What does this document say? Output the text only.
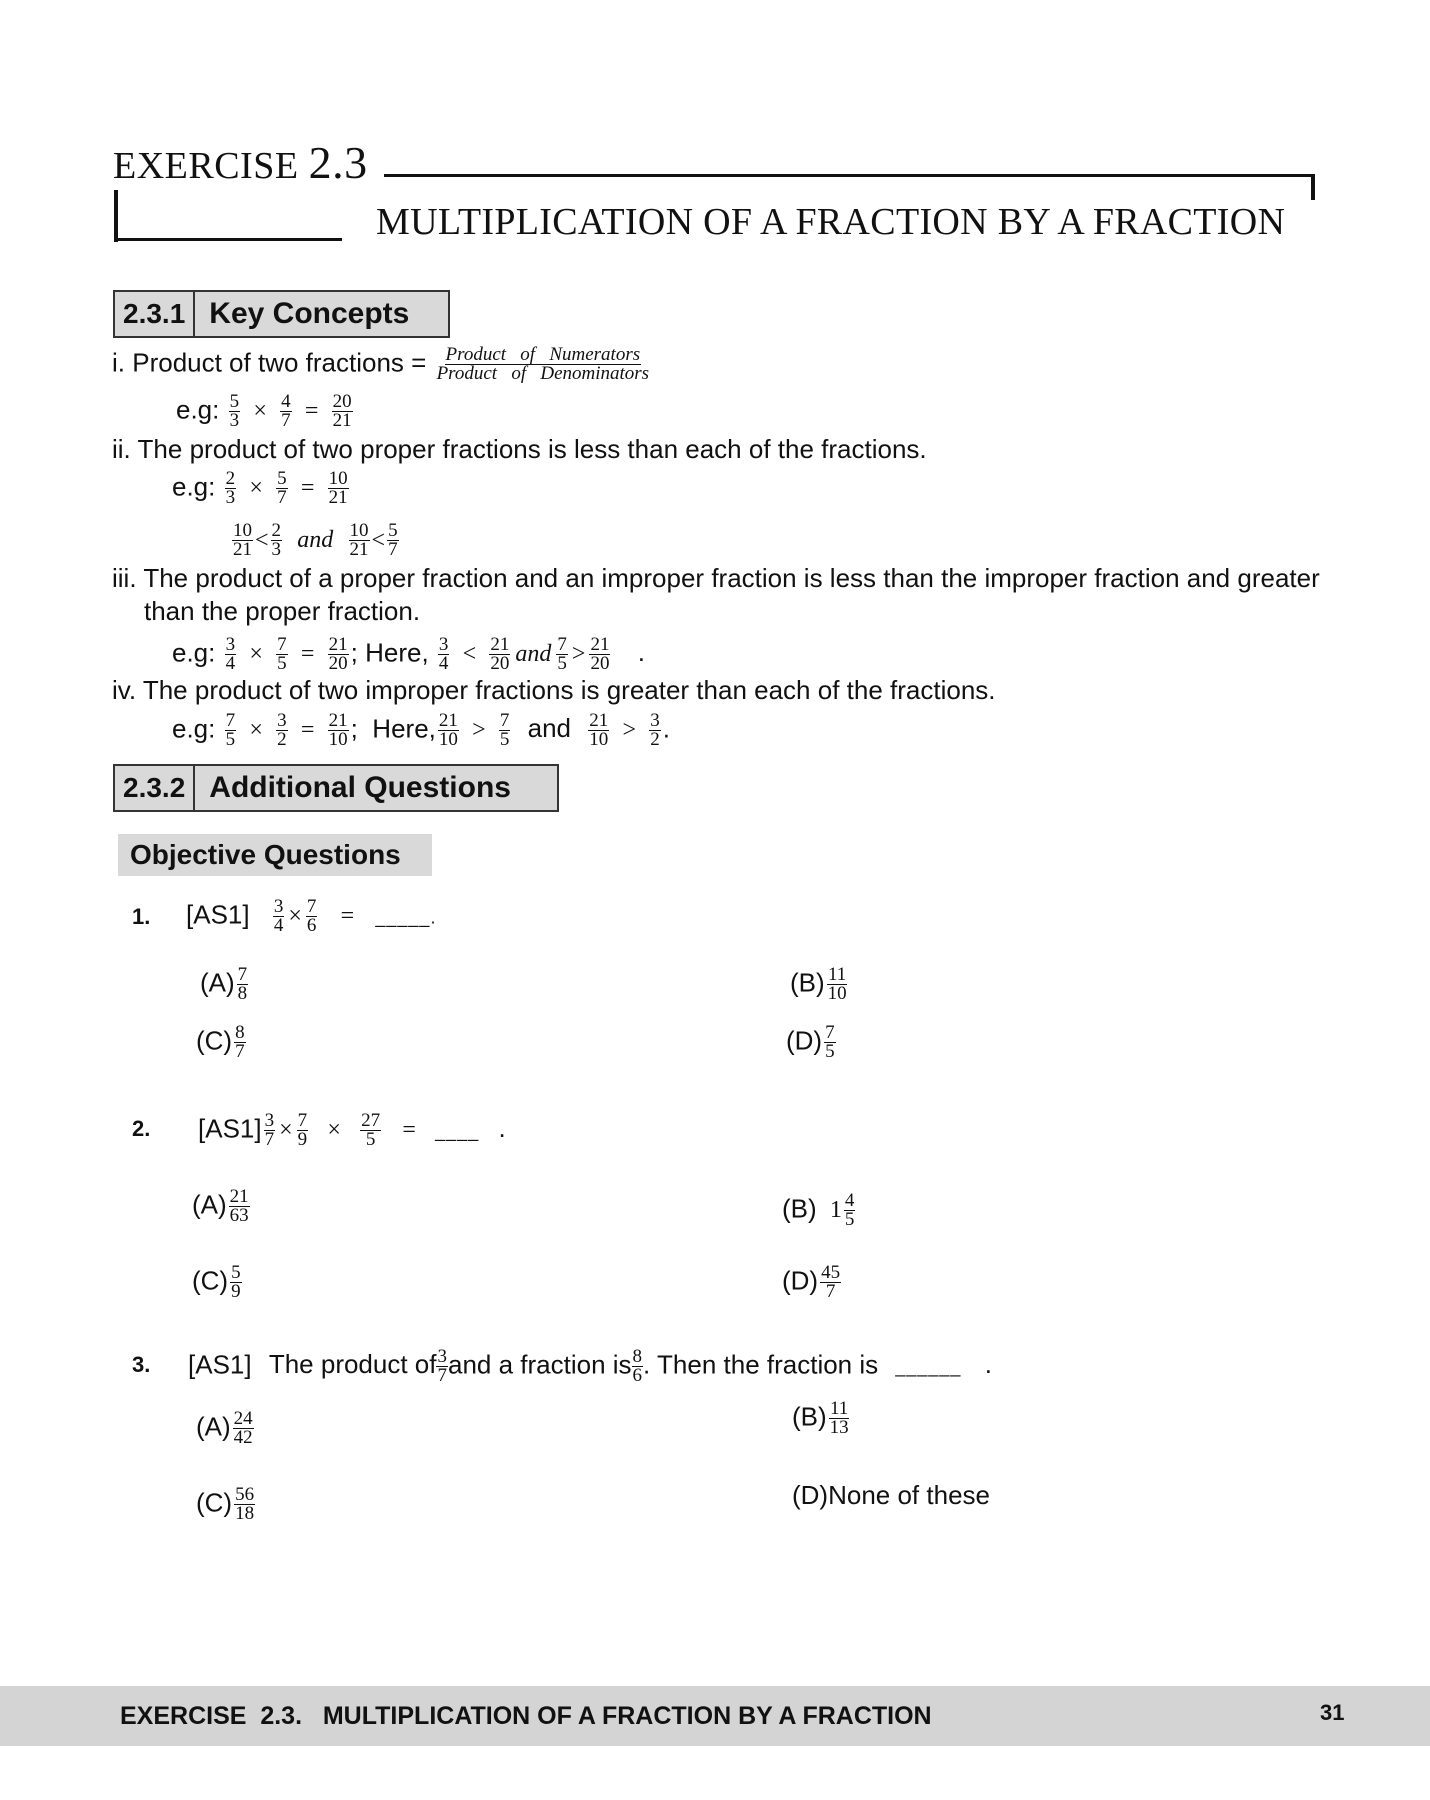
EXERCISE 2.3
MULTIPLICATION OF A FRACTION BY A FRACTION
2.3.1 Key Concepts
i. Product of two fractions = $\frac{\text{Product   of   Numerators}}{\text{Product   of   Denominators}}$
e.g: $\frac{5}{3} \times \frac{4}{7} = \frac{20}{21}$
ii. The product of two proper fractions is less than each of the fractions.
e.g: $\frac{2}{3} \times \frac{5}{7} = \frac{10}{21}$
$\frac{10}{21} < \frac{2}{3}$ and $\frac{10}{21} < \frac{5}{7}$
iii. The product of a proper fraction and an improper fraction is less than the improper fraction and greater
than the proper fraction.
e.g: $\frac{3}{4} \times \frac{7}{5} = \frac{21}{20}$ ; Here, $\frac{3}{4} < \frac{21}{20}$ and $\frac{7}{5} > \frac{21}{20}$ .
iv. The product of two improper fractions is greater than each of the fractions.
e.g: $\frac{7}{5} \times \frac{3}{2} = \frac{21}{10}$ ;  Here, $\frac{21}{10} > \frac{7}{5}$ and $\frac{21}{10} > \frac{3}{2}$ .
2.3.2 Additional Questions
Objective Questions
1. $[AS1] \frac{3}{4} \times \frac{7}{6}$ = _____.
$(A) \frac{7}{8}$	$(B) \frac{11}{10}$
$(C) \frac{8}{7}$	$(D) \frac{7}{5}$
2. $[AS1] \frac{3}{7} \times \frac{7}{9} \times \frac{27}{5}$ = ____ .
$(A) \frac{21}{63}$	(B) $1 \frac{4}{5}$
$(C) \frac{5}{9}$	$(D) \frac{45}{7}$
3. [AS1] The product of $\frac{3}{7}$ and a fraction is $\frac{8}{6}$ . Then the fraction is ______ .
$(A) \frac{24}{42}$	$(B) \frac{11}{13}$
$(C) \frac{56}{18}$	(D)None of these
EXERCISE  2.3.   MULTIPLICATION OF A FRACTION BY A FRACTION	31
